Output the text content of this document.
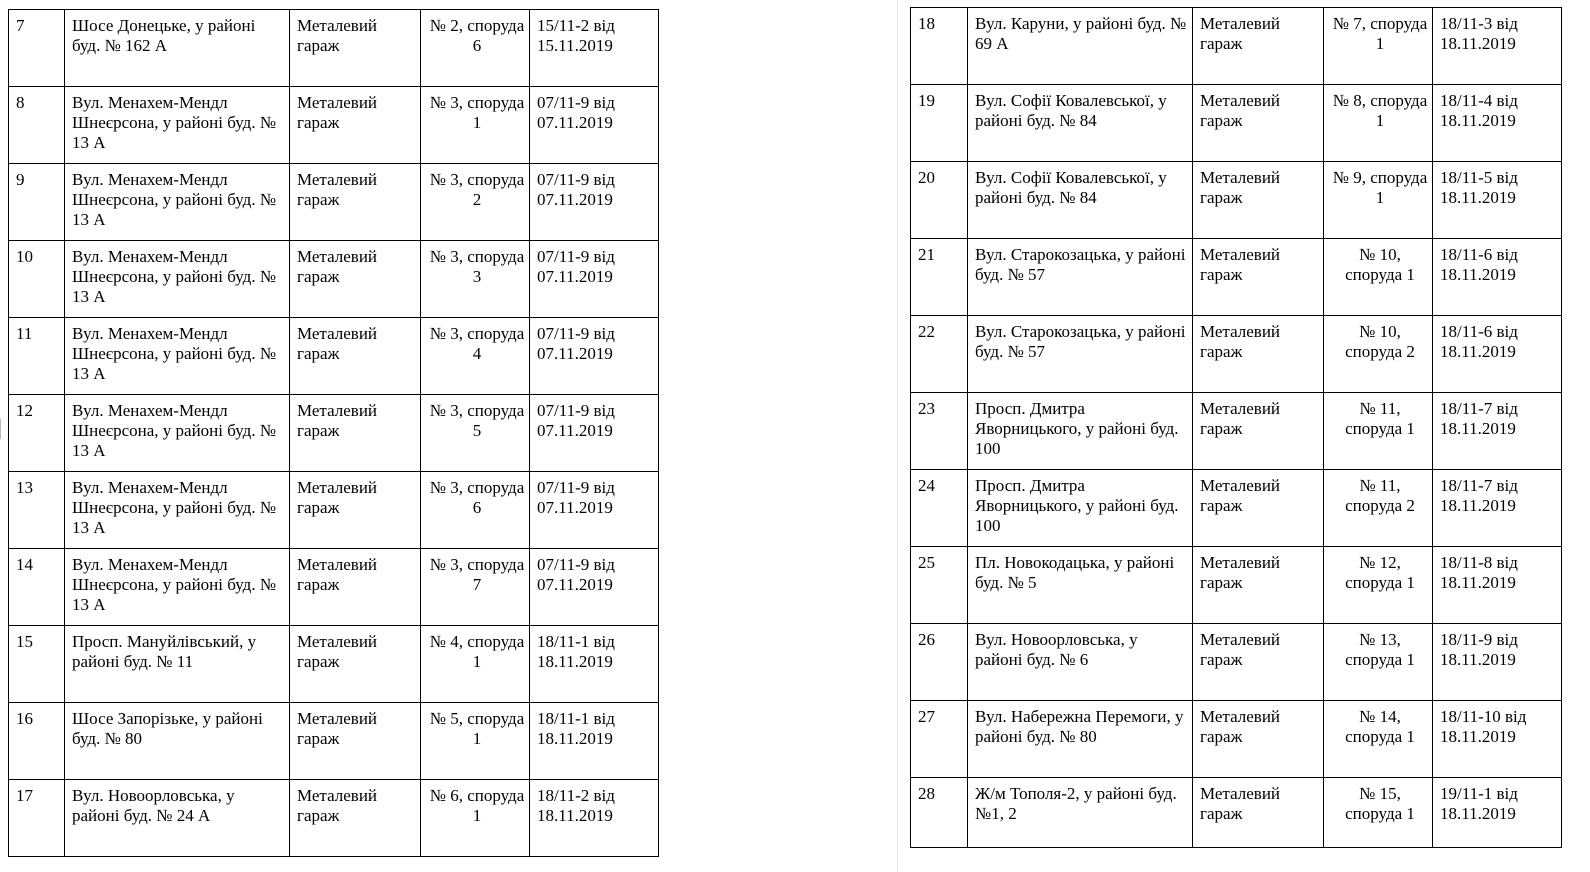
7	Шосе Донецьке, у районі буд. № 162 А	Металевий гараж	№ 2, споруда 6	15/11-2 від 15.11.2019
8	Вул. Менахем-Мендл Шнеєрсона, у районі буд. № 13 А	Металевий гараж	№ 3, споруда 1	07/11-9 від 07.11.2019
9	Вул. Менахем-Мендл Шнеєрсона, у районі буд. № 13 А	Металевий гараж	№ 3, споруда 2	07/11-9 від 07.11.2019
10	Вул. Менахем-Мендл Шнеєрсона, у районі буд. № 13 А	Металевий гараж	№ 3, споруда 3	07/11-9 від 07.11.2019
11	Вул. Менахем-Мендл Шнеєрсона, у районі буд. № 13 А	Металевий гараж	№ 3, споруда 4	07/11-9 від 07.11.2019
12	Вул. Менахем-Мендл Шнеєрсона, у районі буд. № 13 А	Металевий гараж	№ 3, споруда 5	07/11-9 від 07.11.2019
13	Вул. Менахем-Мендл Шнеєрсона, у районі буд. № 13 А	Металевий гараж	№ 3, споруда 6	07/11-9 від 07.11.2019
14	Вул. Менахем-Мендл Шнеєрсона, у районі буд. № 13 А	Металевий гараж	№ 3, споруда 7	07/11-9 від 07.11.2019
15	Просп. Мануйлівський, у районі буд. № 11	Металевий гараж	№ 4, споруда 1	18/11-1 від 18.11.2019
16	Шосе Запорізьке, у районі буд. № 80	Металевий гараж	№ 5, споруда 1	18/11-1 від 18.11.2019
17	Вул. Новоорловська, у районі буд. № 24 А	Металевий гараж	№ 6, споруда 1	18/11-2 від 18.11.2019
18	Вул. Каруни, у районі буд. № 69 А	Металевий гараж	№ 7, споруда 1	18/11-3 від 18.11.2019
19	Вул. Софії Ковалевської, у районі буд. № 84	Металевий гараж	№ 8, споруда 1	18/11-4 від 18.11.2019
20	Вул. Софії Ковалевської, у районі буд. № 84	Металевий гараж	№ 9, споруда 1	18/11-5 від 18.11.2019
21	Вул. Старокозацька, у районі буд. № 57	Металевий гараж	№ 10, споруда 1	18/11-6 від 18.11.2019
22	Вул. Старокозацька, у районі буд. № 57	Металевий гараж	№ 10, споруда 2	18/11-6 від 18.11.2019
23	Просп. Дмитра Яворницького, у районі буд. 100	Металевий гараж	№ 11, споруда 1	18/11-7 від 18.11.2019
24	Просп. Дмитра Яворницького, у районі буд. 100	Металевий гараж	№ 11, споруда 2	18/11-7 від 18.11.2019
25	Пл. Новокодацька, у районі буд. № 5	Металевий гараж	№ 12, споруда 1	18/11-8 від 18.11.2019
26	Вул. Новоорловська, у районі буд. № 6	Металевий гараж	№ 13, споруда 1	18/11-9 від 18.11.2019
27	Вул. Набережна Перемоги, у районі буд. № 80	Металевий гараж	№ 14, споруда 1	18/11-10 від 18.11.2019
28	Ж/м Тополя-2, у районі буд. №1, 2	Металевий гараж	№ 15, споруда 1	19/11-1 від 18.11.2019
